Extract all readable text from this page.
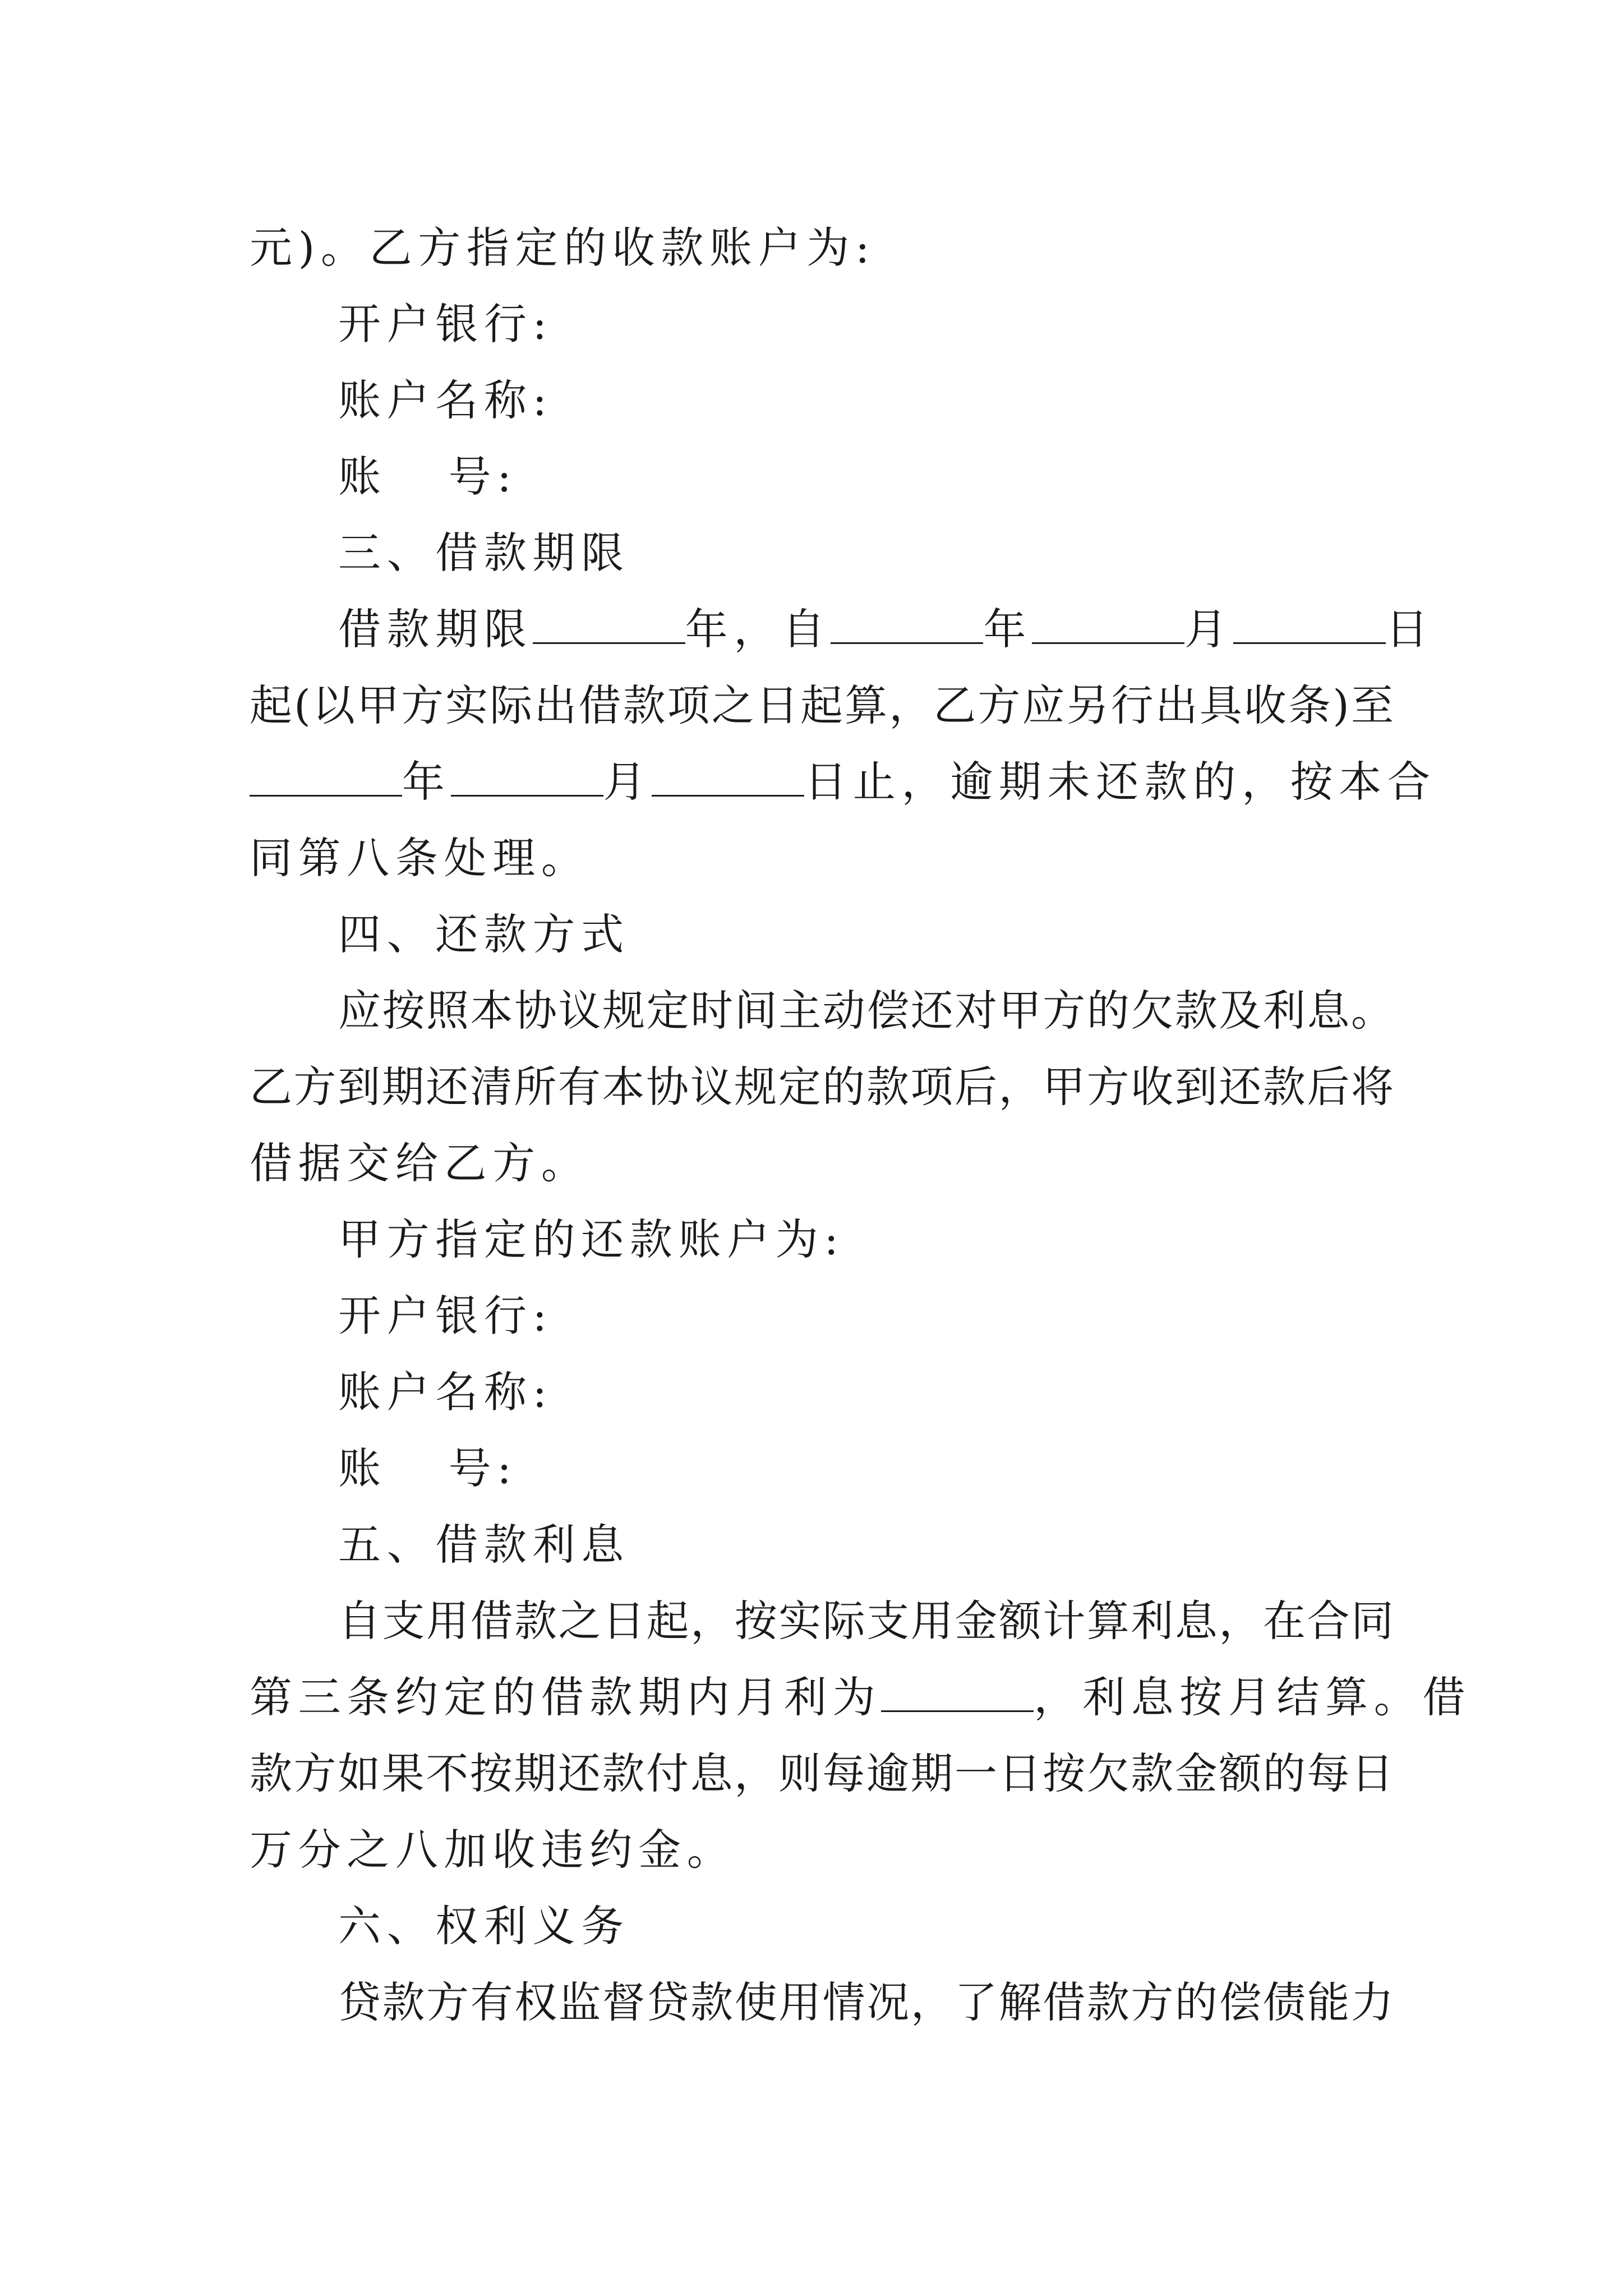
元)。乙方指定的收款账户为:
开户银行:
账户名称:
账 号:
三、借款期限
借款期限	年，自	年	月	日
起(以甲方实际出借款项之日起算，乙方应另行出具收条)至
年	月	日止，逾期未还款的，按本合
同第八条处理。
四、还款方式
应按照本协议规定时间主动偿还对甲方的欠款及利息。
乙方到期还清所有本协议规定的款项后，甲方收到还款后将
借据交给乙方。
甲方指定的还款账户为:
开户银行:
账户名称:
账 号:
五、借款利息
自支用借款之日起，按实际支用金额计算利息，在合同
第三条约定的借款期内月利为	，利息按月结算。借
款方如果不按期还款付息，则每逾期一日按欠款金额的每日
万分之八加收违约金。
六、权利义务
贷款方有权监督贷款使用情况，了解借款方的偿债能力
